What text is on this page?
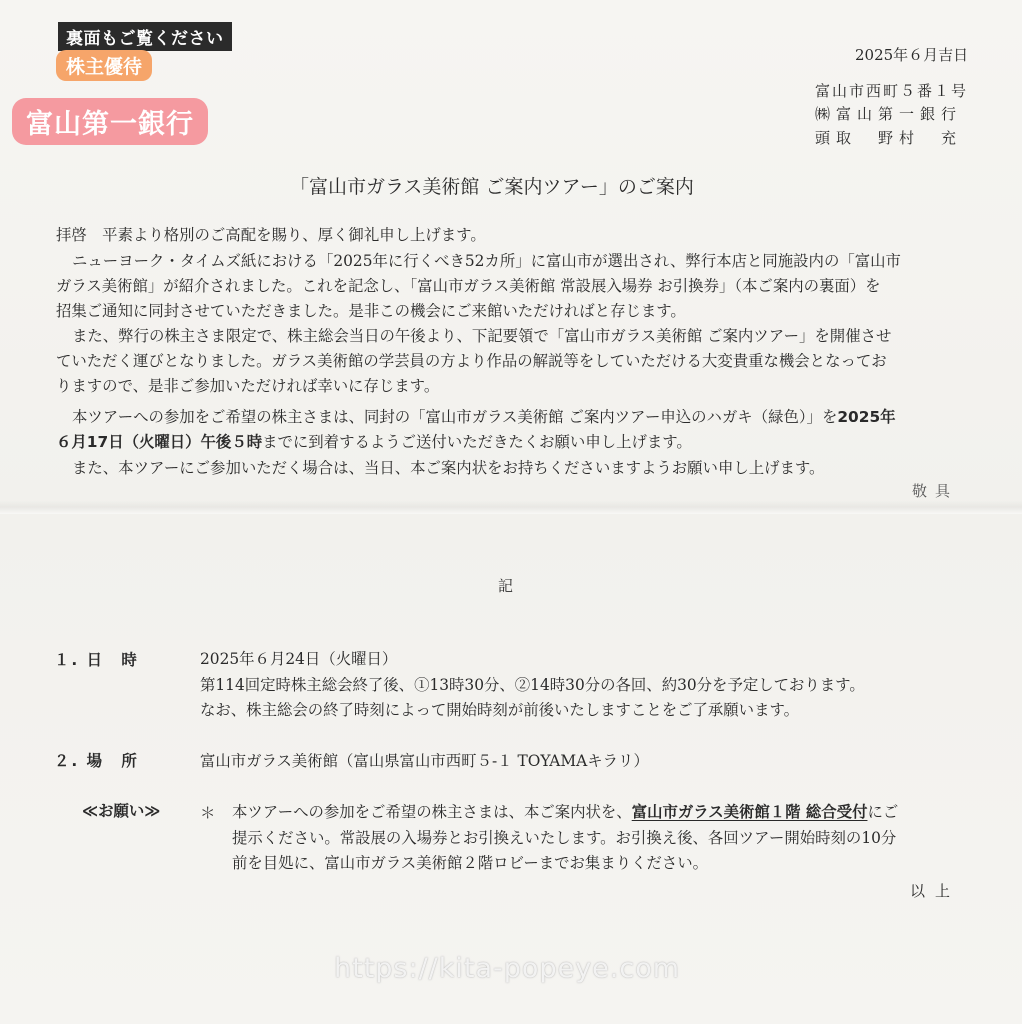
裏面もご覧ください
株主優待
富山第一銀行
2025年６月吉日
富山市西町５番１号
㈱富山第一銀行
頭取　野村　充
「富山市ガラス美術館 ご案内ツアー」のご案内
拝啓　平素より格別のご高配を賜り、厚く御礼申し上げます。
ニューヨーク・タイムズ紙における「2025年に行くべき52カ所」に富山市が選出され、弊行本店と同施設内の「富山市
ガラス美術館」が紹介されました。これを記念し、「富山市ガラス美術館 常設展入場券 お引換券」（本ご案内の裏面）を
招集ご通知に同封させていただきました。是非この機会にご来館いただければと存じます。
また、弊行の株主さま限定で、株主総会当日の午後より、下記要領で「富山市ガラス美術館 ご案内ツアー」を開催させ
ていただく運びとなりました。ガラス美術館の学芸員の方より作品の解説等をしていただける大変貴重な機会となってお
りますので、是非ご参加いただければ幸いに存じます。
本ツアーへの参加をご希望の株主さまは、同封の「富山市ガラス美術館 ご案内ツアー申込のハガキ（緑色）」を2025年
６月17日（火曜日）午後５時までに到着するようご送付いただきたくお願い申し上げます。
また、本ツアーにご参加いただく場合は、当日、本ご案内状をお持ちくださいますようお願い申し上げます。
敬具
記
１. 日　時	2025年６月24日（火曜日）
第114回定時株主総会終了後、①13時30分、②14時30分の各回、約30分を予定しております。
なお、株主総会の終了時刻によって開始時刻が前後いたしますことをご了承願います。
２. 場　所	富山市ガラス美術館（富山県富山市西町５-１ TOYAMAキラリ）
≪お願い≫	＊ 本ツアーへの参加をご希望の株主さまは、本ご案内状を、富山市ガラス美術館１階 総合受付にご
提示ください。常設展の入場券とお引換えいたします。お引換え後、各回ツアー開始時刻の10分
前を目処に、富山市ガラス美術館２階ロビーまでお集まりください。
以上
https://kita-popeye.com
